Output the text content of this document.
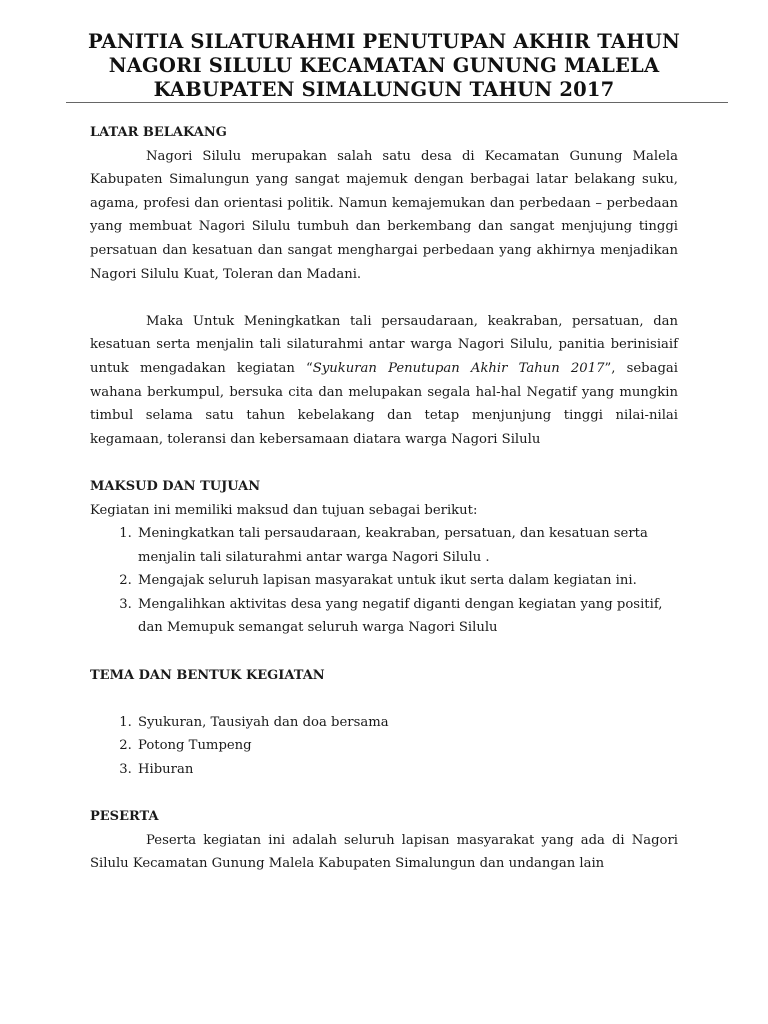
PANITIA SILATURAHMI PENUTUPAN AKHIR TAHUN
NAGORI SILULU KECAMATAN GUNUNG MALELA
KABUPATEN SIMALUNGUN TAHUN 2017
LATAR BELAKANG
Nagori Silulu merupakan salah satu desa di Kecamatan Gunung Malela Kabupaten Simalungun yang sangat majemuk dengan berbagai latar belakang suku, agama, profesi dan orientasi politik. Namun kemajemukan dan perbedaan – perbedaan yang membuat Nagori Silulu tumbuh dan berkembang dan sangat menjujung tinggi persatuan dan kesatuan dan sangat menghargai perbedaan yang akhirnya menjadikan Nagori Silulu Kuat, Toleran dan Madani.
Maka Untuk Meningkatkan tali persaudaraan, keakraban, persatuan, dan kesatuan serta menjalin tali silaturahmi antar warga Nagori Silulu, panitia berinisiaif untuk mengadakan kegiatan “Syukuran Penutupan Akhir Tahun 2017”, sebagai wahana berkumpul, bersuka cita dan melupakan segala hal-hal Negatif yang mungkin timbul selama satu tahun kebelakang dan tetap menjunjung tinggi nilai-nilai kegamaan, toleransi dan kebersamaan diatara warga Nagori Silulu
MAKSUD DAN TUJUAN
Kegiatan ini memiliki maksud dan tujuan sebagai berikut:
1. Meningkatkan tali persaudaraan, keakraban, persatuan, dan kesatuan serta menjalin tali silaturahmi antar warga Nagori Silulu .
2. Mengajak seluruh lapisan masyarakat untuk ikut serta dalam kegiatan ini.
3. Mengalihkan aktivitas desa yang negatif diganti dengan kegiatan yang positif, dan Memupuk semangat seluruh warga Nagori Silulu
TEMA DAN BENTUK KEGIATAN
1. Syukuran, Tausiyah dan doa bersama
2. Potong Tumpeng
3. Hiburan
PESERTA
Peserta kegiatan ini adalah seluruh lapisan masyarakat yang ada di Nagori Silulu Kecamatan Gunung Malela Kabupaten Simalungun dan undangan lain
